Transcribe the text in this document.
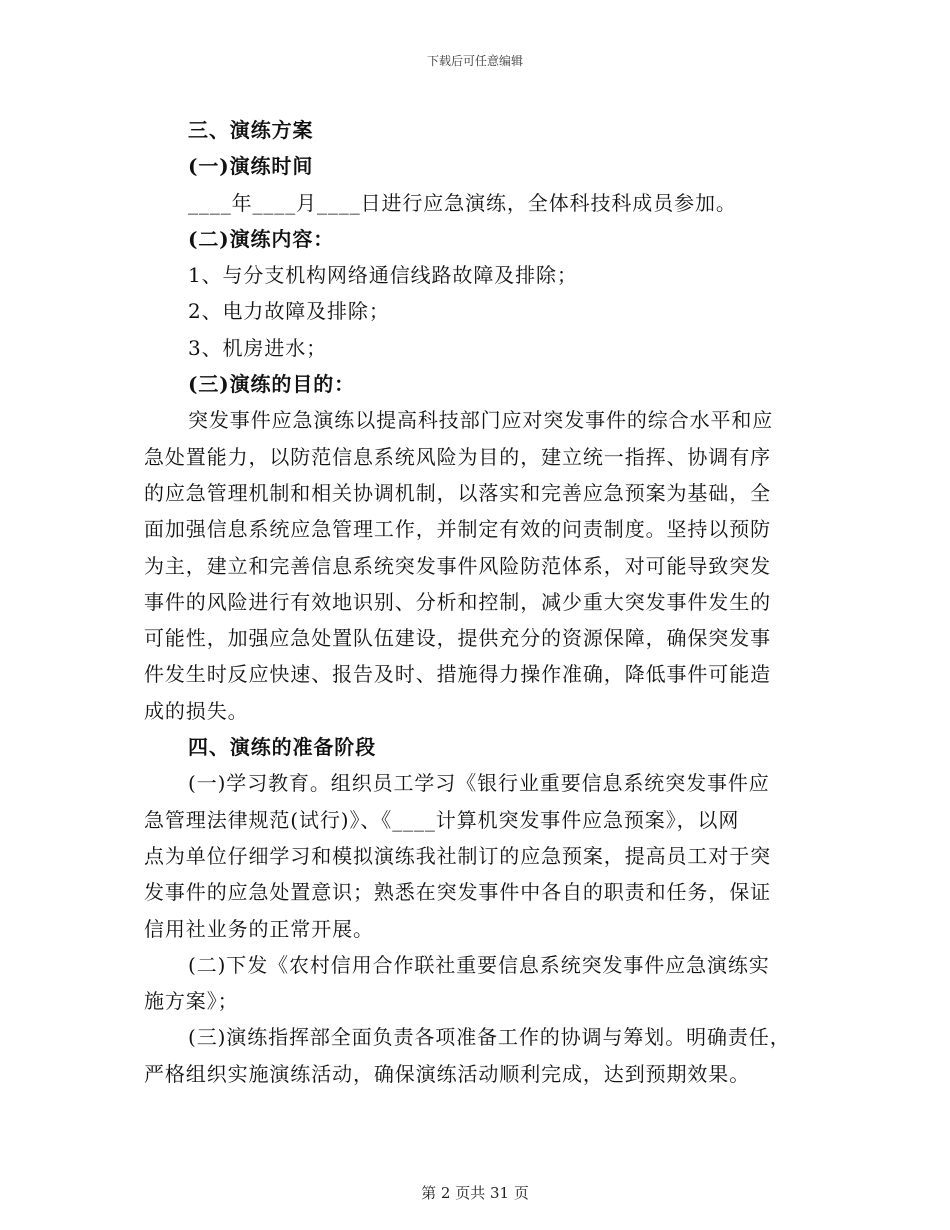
下载后可任意编辑
三、演练方案
(一)演练时间
____年____月____日进行应急演练，全体科技科成员参加。
(二)演练内容：
1、与分支机构网络通信线路故障及排除；
2、电力故障及排除；
3、机房进水；
(三)演练的目的：
突发事件应急演练以提高科技部门应对突发事件的综合水平和应
急处置能力，以防范信息系统风险为目的，建立统一指挥、协调有序
的应急管理机制和相关协调机制，以落实和完善应急预案为基础，全
面加强信息系统应急管理工作，并制定有效的问责制度。坚持以预防
为主，建立和完善信息系统突发事件风险防范体系，对可能导致突发
事件的风险进行有效地识别、分析和控制，减少重大突发事件发生的
可能性，加强应急处置队伍建设，提供充分的资源保障，确保突发事
件发生时反应快速、报告及时、措施得力操作准确，降低事件可能造
成的损失。
四、演练的准备阶段
(一)学习教育。组织员工学习《银行业重要信息系统突发事件应
急管理法律规范(试行)》、《____计算机突发事件应急预案》，以网
点为单位仔细学习和模拟演练我社制订的应急预案，提高员工对于突
发事件的应急处置意识；熟悉在突发事件中各自的职责和任务，保证
信用社业务的正常开展。
(二)下发《农村信用合作联社重要信息系统突发事件应急演练实
施方案》；
(三)演练指挥部全面负责各项准备工作的协调与筹划。明确责任，
严格组织实施演练活动，确保演练活动顺利完成，达到预期效果。
第 2 页共 31 页
